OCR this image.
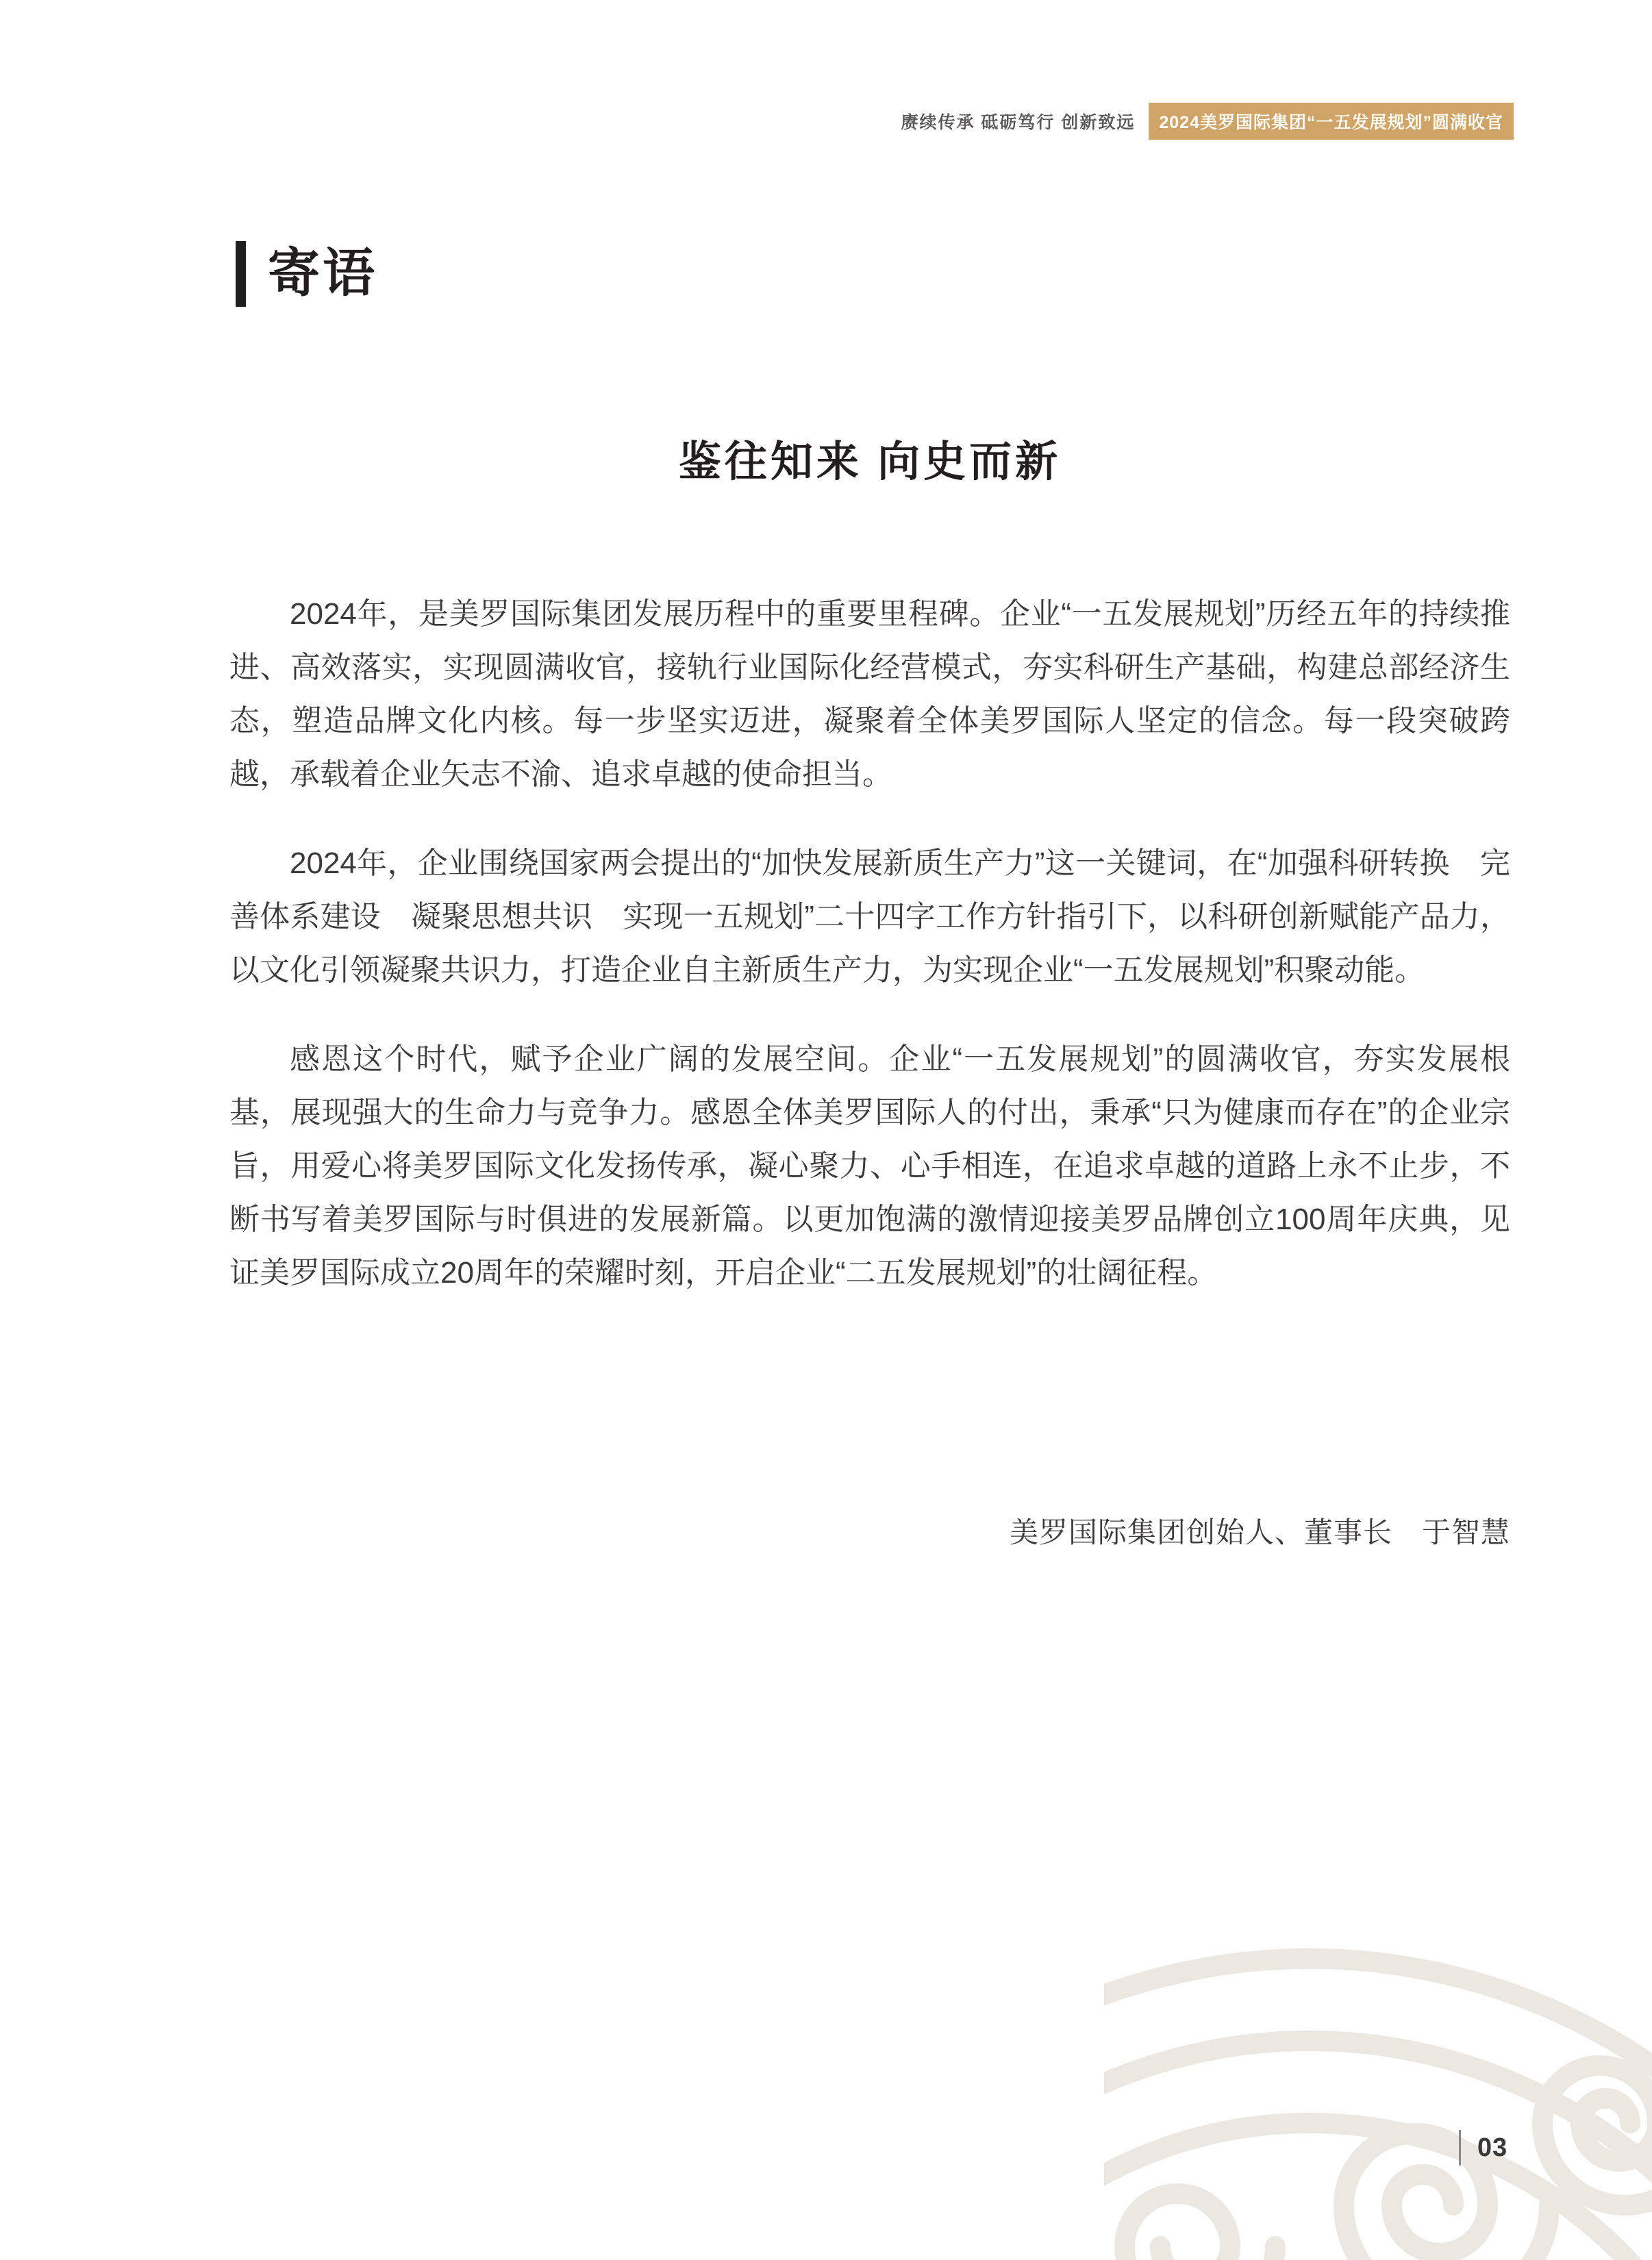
赓续传承 砥砺笃行 创新致远	2024美罗国际集团“一五发展规划”圆满收官
寄语
鉴往知来 向史而新

2024年，是美罗国际集团发展历程中的重要里程碑。企业“一五发展规划”历经五年的持续推进、高效落实，实现圆满收官，接轨行业国际化经营模式，夯实科研生产基础，构建总部经济生态，塑造品牌文化内核。每一步坚实迈进，凝聚着全体美罗国际人坚定的信念。每一段突破跨越，承载着企业矢志不渝、追求卓越的使命担当。

2024年，企业围绕国家两会提出的“加快发展新质生产力”这一关键词，在“加强科研转换　完善体系建设　凝聚思想共识　实现一五规划”二十四字工作方针指引下，以科研创新赋能产品力，以文化引领凝聚共识力，打造企业自主新质生产力，为实现企业“一五发展规划”积聚动能。

感恩这个时代，赋予企业广阔的发展空间。企业“一五发展规划”的圆满收官，夯实发展根基，展现强大的生命力与竞争力。感恩全体美罗国际人的付出，秉承“只为健康而存在”的企业宗旨，用爱心将美罗国际文化发扬传承，凝心聚力、心手相连，在追求卓越的道路上永不止步，不断书写着美罗国际与时俱进的发展新篇。以更加饱满的激情迎接美罗品牌创立100周年庆典，见证美罗国际成立20周年的荣耀时刻，开启企业“二五发展规划”的壮阔征程。

美罗国际集团创始人、董事长　于智慧
03
